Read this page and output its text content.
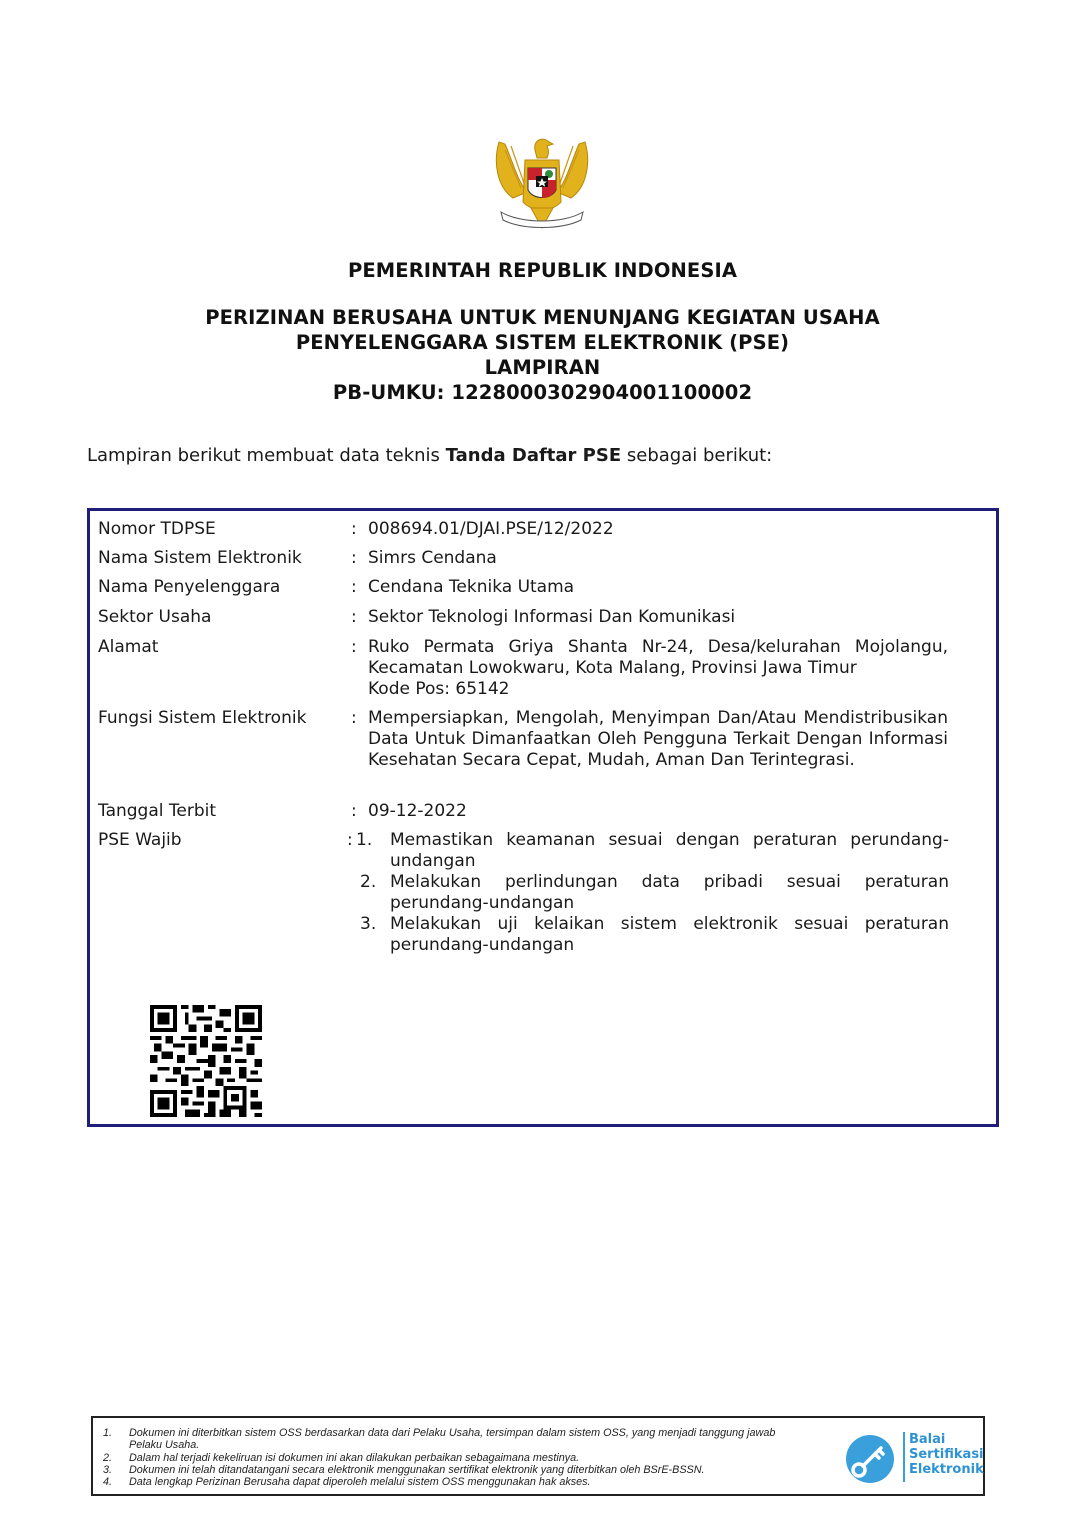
PEMERINTAH REPUBLIK INDONESIA
PERIZINAN BERUSAHA UNTUK MENUNJANG KEGIATAN USAHA
PENYELENGGARA SISTEM ELEKTRONIK (PSE)
LAMPIRAN
PB-UMKU: 1228000302904001100002
Lampiran berikut membuat data teknis Tanda Daftar PSE sebagai berikut:
Nomor TDPSE	: 008694.01/DJAI.PSE/12/2022
Nama Sistem Elektronik	: Simrs Cendana
Nama Penyelenggara	: Cendana Teknika Utama
Sektor Usaha	: Sektor Teknologi Informasi Dan Komunikasi
Alamat	: Ruko Permata Griya Shanta Nr-24, Desa/kelurahan Mojolangu, Kecamatan Lowokwaru, Kota Malang, Provinsi Jawa Timur

Kode Pos: 65142

Fungsi Sistem Elektronik	: Mempersiapkan, Mengolah, Menyimpan Dan/Atau Mendistribusikan Data Untuk Dimanfaatkan Oleh Pengguna Terkait Dengan Informasi Kesehatan Secara Cepat, Mudah, Aman Dan Terintegrasi.
Tanggal Terbit	: 09-12-2022
PSE Wajib	: 1. Memastikan keamanan sesuai dengan peraturan perundang-undangan
2. Melakukan perlindungan data pribadi sesuai peraturan perundang-undangan
3. Melakukan uji kelaikan sistem elektronik sesuai peraturan perundang-undangan
1.	Dokumen ini diterbitkan sistem OSS berdasarkan data dari Pelaku Usaha, tersimpan dalam sistem OSS, yang menjadi tanggung jawab
Pelaku Usaha.
2.	Dalam hal terjadi kekeliruan isi dokumen ini akan dilakukan perbaikan sebagaimana mestinya.
3.	Dokumen ini telah ditandatangani secara elektronik menggunakan sertifikat elektronik yang diterbitkan oleh BSrE-BSSN.
4.	Data lengkap Perizinan Berusaha dapat diperoleh melalui sistem OSS menggunakan hak akses.
Balai
Sertifikasi
Elektronik
